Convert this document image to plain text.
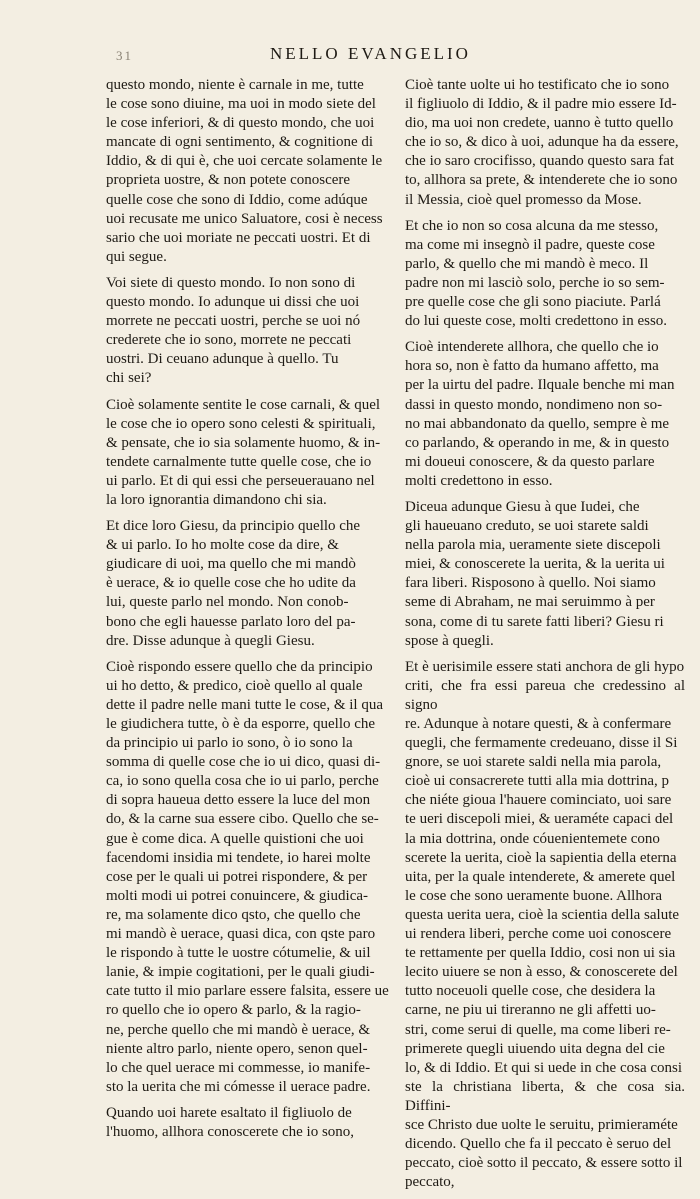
31	NELLO EVANGELIO

questo mondo, niente è carnale in me, tutte
le cose sono diuine, ma uoi in modo siete del
le cose inferiori, & di questo mondo, che uoi
mancate di ogni sentimento, & cognitione di
Iddio, & di qui è, che uoi cercate solamente le
proprieta uostre, & non potete conoscere
quelle cose che sono di Iddio, come adúque
uoi recusate me unico Saluatore, cosi è necess
sario che uoi moriate ne peccati uostri. Et di
qui segue.

Voi siete di questo mondo. Io non sono di
questo mondo. Io adunque ui dissi che uoi
morrete ne peccati uostri, perche se uoi nó
crederete che io sono, morrete ne peccati
uostri. Di ceuano adunque à quello. Tu
chi sei?

Cioè solamente sentite le cose carnali, & quel
le cose che io opero sono celesti & spirituali,
& pensate, che io sia solamente huomo, & in-
tendete carnalmente tutte quelle cose, che io
ui parlo. Et di qui essi che perseuerauano nel
la loro ignorantia dimandono chi sia.

Et dice loro Giesu, da principio quello che
& ui parlo. Io ho molte cose da dire, &
giudicare di uoi, ma quello che mi mandò
è uerace, & io quelle cose che ho udite da
lui, queste parlo nel mondo. Non conob-
bono che egli hauesse parlato loro del pa-
dre. Disse adunque à quegli Giesu.

Cioè rispondo essere quello che da principio
ui ho detto, & predico, cioè quello al quale
dette il padre nelle mani tutte le cose, & il qua
le giudichera tutte, ò è da esporre, quello che
da principio ui parlo io sono, ò io sono la
somma di quelle cose che io ui dico, quasi di-
ca, io sono quella cosa che io ui parlo, perche
di sopra haueua detto essere la luce del mon
do, & la carne sua essere cibo. Quello che se-
gue è come dica. A quelle quistioni che uoi
facendomi insidia mi tendete, io harei molte
cose per le quali ui potrei rispondere, & per
molti modi ui potrei conuincere, & giudica-
re, ma solamente dico qsto, che quello che
mi mandò è uerace, quasi dica, con qste paro
le rispondo à tutte le uostre cótumelie, & uil
lanie, & impie cogitationi, per le quali giudi-
cate tutto il mio parlare essere falsita, essere ue
ro quello che io opero & parlo, & la ragio-
ne, perche quello che mi mandò è uerace, &
niente altro parlo, niente opero, senon quel-
lo che quel uerace mi commesse, io manife-
sto la uerita che mi cómesse il uerace padre.

Quando uoi harete esaltato il figliuolo de
l'huomo, allhora conoscerete che io sono,

Cioè tante uolte ui ho testificato che io sono
il figliuolo di Iddio, & il padre mio essere Id-
dio, ma uoi non credete, uanno è tutto quello
che io so, & dico à uoi, adunque ha da essere,
che io saro crocifisso, quando questo sara fat
to, allhora sa prete, & intenderete che io sono
il Messia, cioè quel promesso da Mose.

Et che io non so cosa alcuna da me stesso,
ma come mi insegnò il padre, queste cose
parlo, & quello che mi mandò è meco. Il
padre non mi lasciò solo, perche io so sem-
pre quelle cose che gli sono piaciute. Parlá
do lui queste cose, molti credettono in esso.

Cioè intenderete allhora, che quello che io
hora so, non è fatto da humano affetto, ma
per la uirtu del padre. Ilquale benche mi man
dassi in questo mondo, nondimeno non so-
no mai abbandonato da quello, sempre è me
co parlando, & operando in me, & in questo
mi doueui conoscere, & da questo parlare
molti credettono in esso.

Diceua adunque Giesu à que Iudei, che
gli haueuano creduto, se uoi starete saldi
nella parola mia, ueramente siete discepoli
miei, & conoscerete la uerita, & la uerita ui
fara liberi. Risposono à quello. Noi siamo
seme di Abraham, ne mai seruimmo à per
sona, come di tu sarete fatti liberi? Giesu ri
spose à quegli.

Et è uerisimile essere stati anchora de gli hypo
criti, che fra essi pareua che credessino al signo
re. Adunque à notare questi, & à confermare
quegli, che fermamente credeuano, disse il Si
gnore, se uoi starete saldi nella mia parola,
cioè ui consacrerete tutti alla mia dottrina, p
che niéte gioua l'hauere cominciato, uoi sare
te ueri discepoli miei, & ueraméte capaci del
la mia dottrina, onde cóuenientemete cono
scerete la uerita, cioè la sapientia della eterna
uita, per la quale intenderete, & amerete quel
le cose che sono ueramente buone. Allhora
questa uerita uera, cioè la scientia della salute
ui rendera liberi, perche come uoi conoscere
te rettamente per quella Iddio, cosi non ui sia
lecito uiuere se non à esso, & conoscerete del
tutto noceuoli quelle cose, che desidera la
carne, ne piu ui tireranno ne gli affetti uo-
stri, come serui di quelle, ma come liberi re-
primerete quegli uiuendo uita degna del cie
lo, & di Iddio. Et qui si uede in che cosa consi
ste la christiana liberta, & che cosa sia. Diffini-
sce Christo due uolte le seruitu, primieraméte
dicendo. Quello che fa il peccato è seruo del
peccato, cioè sotto il peccato, & essere sotto il
peccato,
